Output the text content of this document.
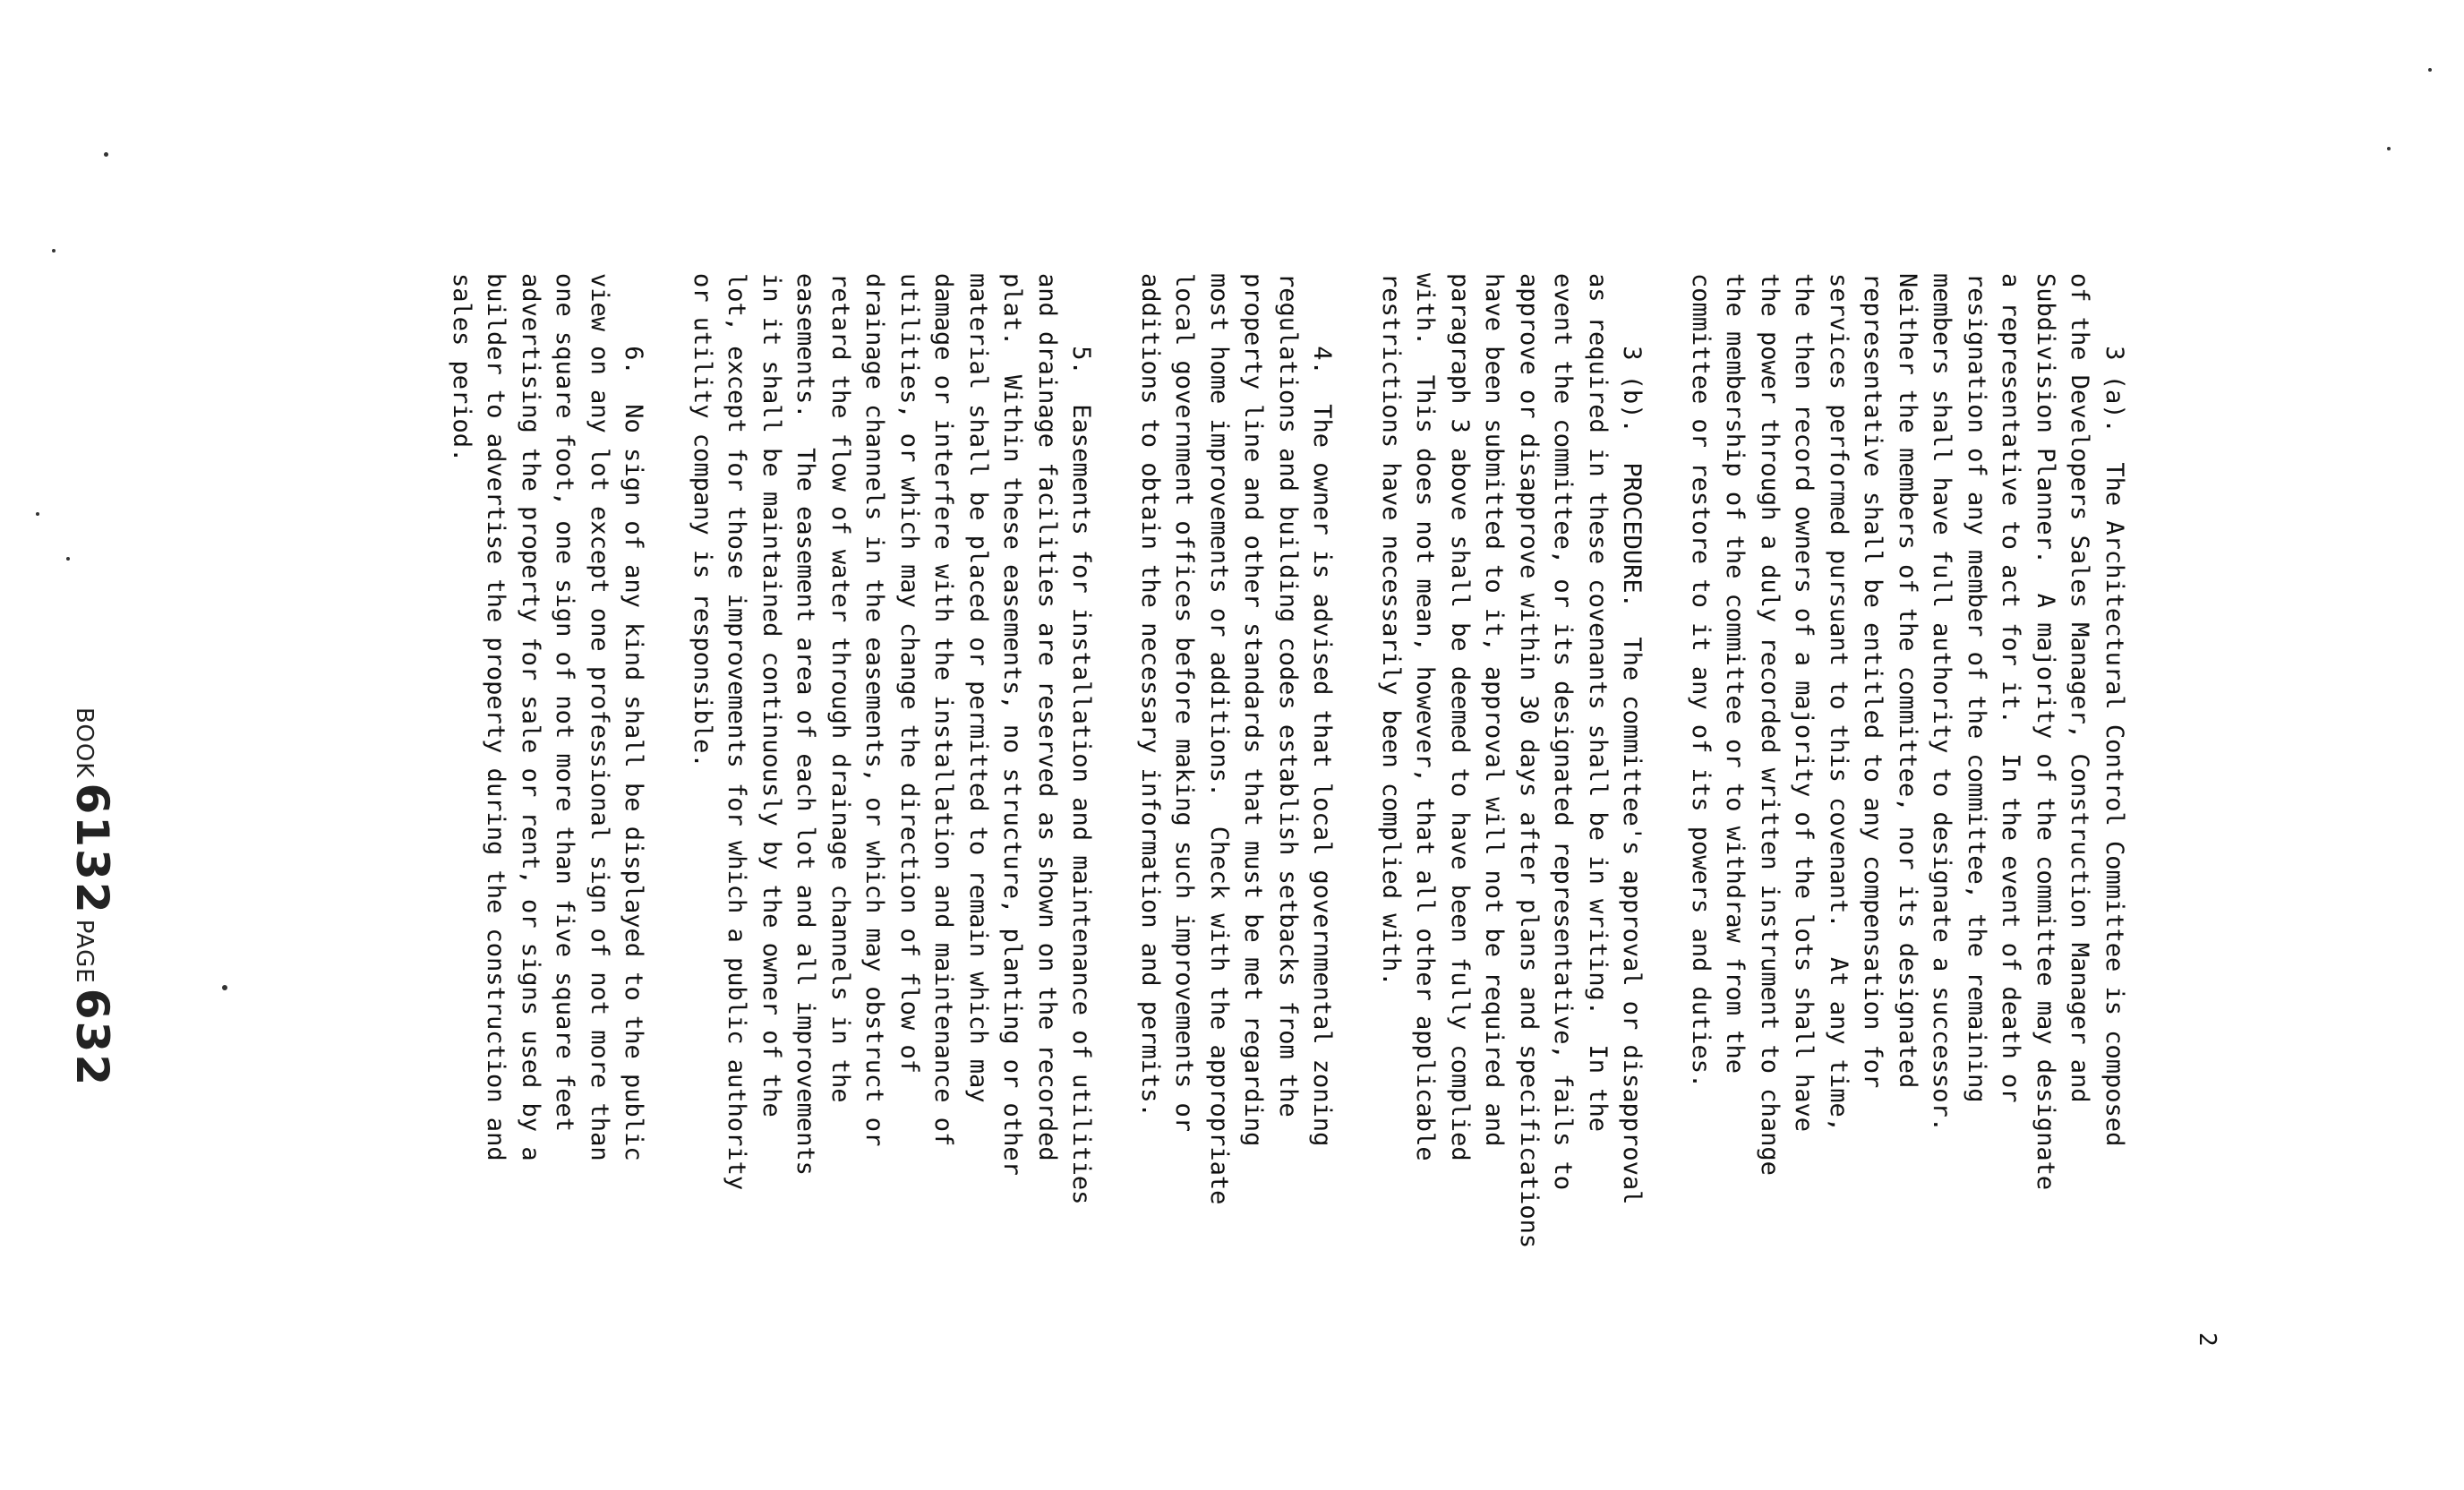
3 (a).  The Architectural Control Committee is composed
of the Developers Sales Manager, Construction Manager and
Subdivision Planner.  A majority of the committee may designate
a representative to act for it.  In the event of death or
resignation of any member of the committee, the remaining
members shall have full authority to designate a successor.
Neither the members of the committee, nor its designated
representative shall be entitled to any compensation for
services performed pursuant to this covenant.  At any time,
the then record owners of a majority of the lots shall have
the power through a duly recorded written instrument to change
the membership of the committee or to withdraw from the
committee or restore to it any of its powers and duties.
3 (b).  PROCEDURE.  The committee's approval or disapproval
as required in these covenants shall be in writing.  In the
event the committee, or its designated representative, fails to
approve or disapprove within 30 days after plans and specifications
have been submitted to it, approval will not be required and
paragraph 3 above shall be deemed to have been fully complied
with.  This does not mean, however, that all other applicable
restrictions have necessarily been complied with.
4.  The owner is advised that local governmental zoning
regulations and building codes establish setbacks from the
property line and other standards that must be met regarding
most home improvements or additions.  Check with the appropriate
local government offices before making such improvements or
additions to obtain the necessary information and permits.
5.  Easements for installation and maintenance of utilities
and drainage facilities are reserved as shown on the recorded
plat.  Within these easements, no structure, planting or other
material shall be placed or permitted to remain which may
damage or interfere with the installation and maintenance of
utilities, or which may change the direction of flow of
drainage channels in the easements, or which may obstruct or
retard the flow of water through drainage channels in the
easements.  The easement area of each lot and all improvements
in it shall be maintained continuously by the owner of the
lot, except for those improvements for which a public authority
or utility company is responsible.
6.  No sign of any kind shall be displayed to the public
view on any lot except one professional sign of not more than
one square foot, one sign of not more than five square feet
advertising the property for sale or rent, or signs used by a
builder to advertise the property during the construction and
sales period.
2
BOOK 6132 PAGE 632
